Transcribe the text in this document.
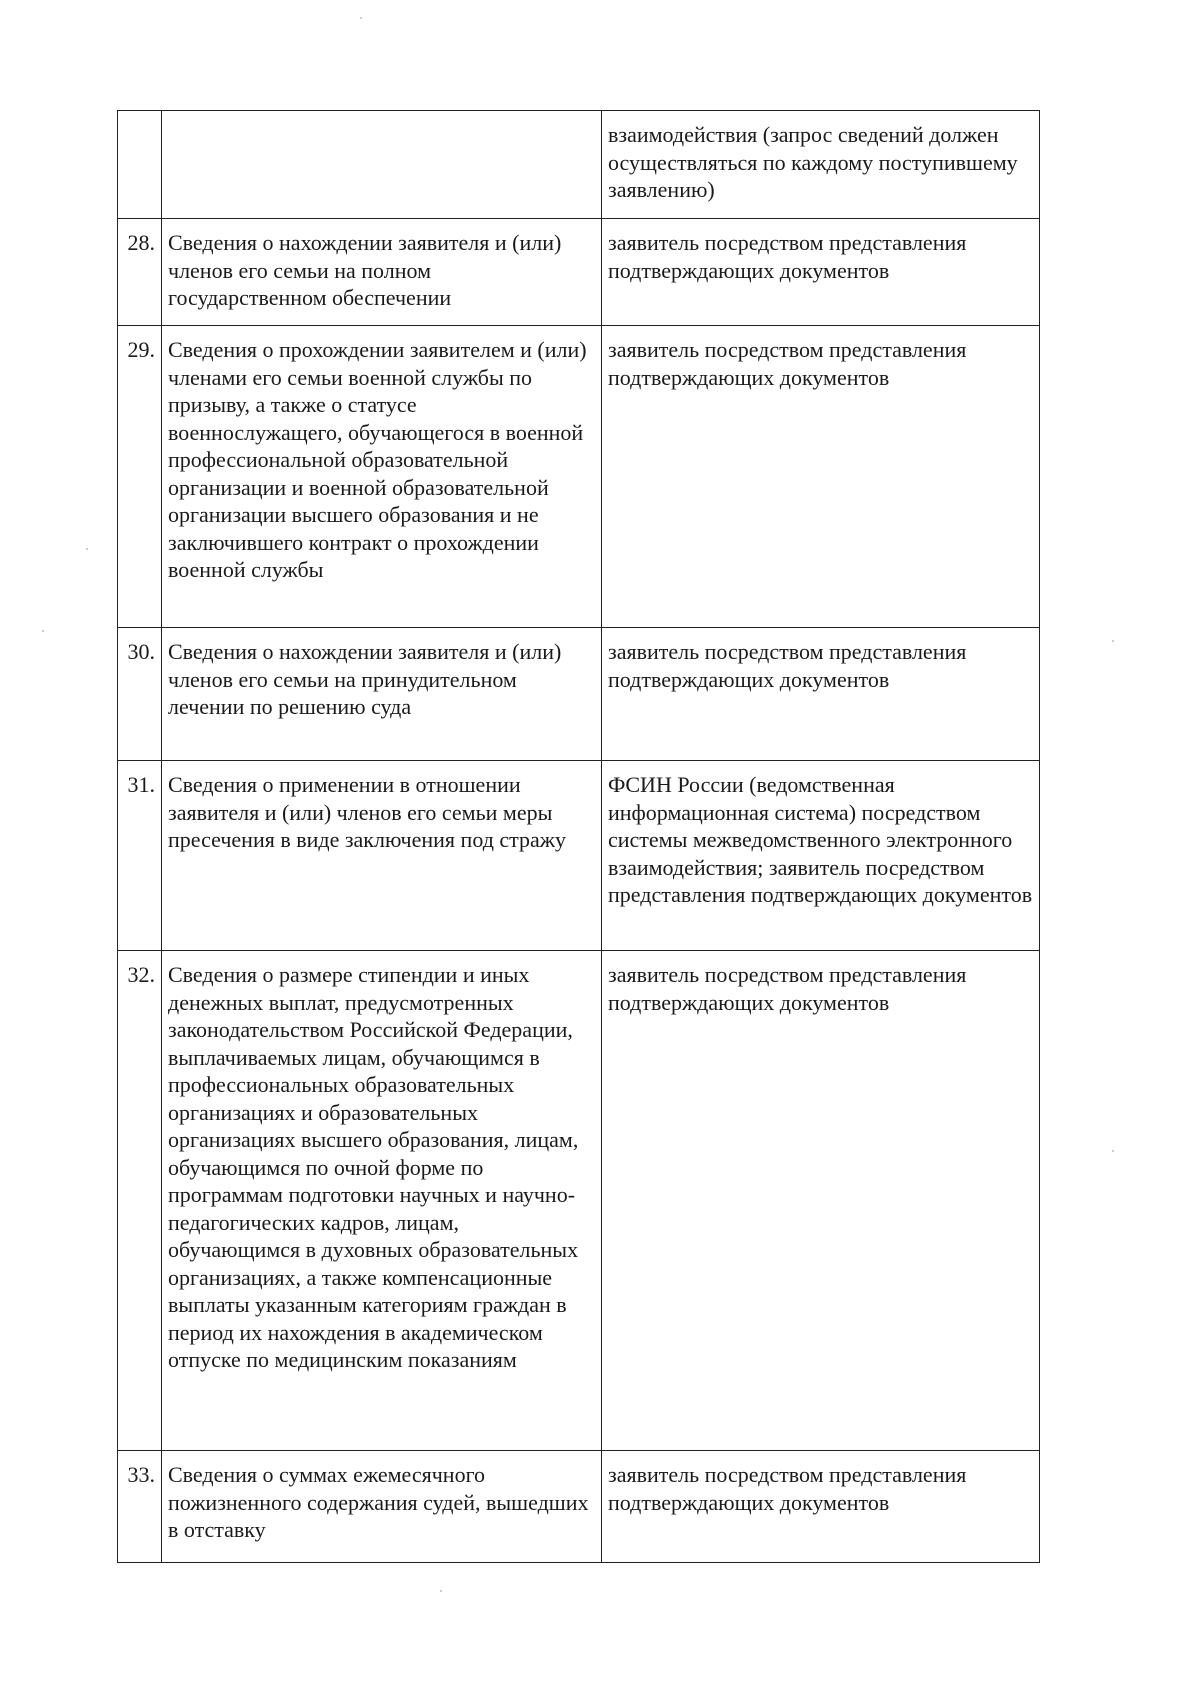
		взаимодействия (запрос сведений должен осуществляться по каждому поступившему заявлению)
28.	Сведения о нахождении заявителя и (или) членов его семьи на полном государственном обеспечении	заявитель посредством представления подтверждающих документов
29.	Сведения о прохождении заявителем и (или) членами его семьи военной службы по призыву, а также о статусе военнослужащего, обучающегося в военной профессиональной образовательной организации и военной образовательной организации высшего образования и не заключившего контракт о прохождении военной службы	заявитель посредством представления подтверждающих документов
30.	Сведения о нахождении заявителя и (или) членов его семьи на принудительном лечении по решению суда	заявитель посредством представления подтверждающих документов
31.	Сведения о применении в отношении заявителя и (или) членов его семьи меры пресечения в виде заключения под стражу	ФСИН России (ведомственная информационная система) посредством системы межведомственного электронного взаимодействия; заявитель посредством представления подтверждающих документов
32.	Сведения о размере стипендии и иных денежных выплат, предусмотренных законодательством Российской Федерации, выплачиваемых лицам, обучающимся в профессиональных образовательных организациях и образовательных организациях высшего образования, лицам, обучающимся по очной форме по программам подготовки научных и научно-педагогических кадров, лицам, обучающимся в духовных образовательных организациях, а также компенсационные выплаты указанным категориям граждан в период их нахождения в академическом отпуске по медицинским показаниям	заявитель посредством представления подтверждающих документов
33.	Сведения о суммах ежемесячного пожизненного содержания судей, вышедших в отставку	заявитель посредством представления подтверждающих документов
